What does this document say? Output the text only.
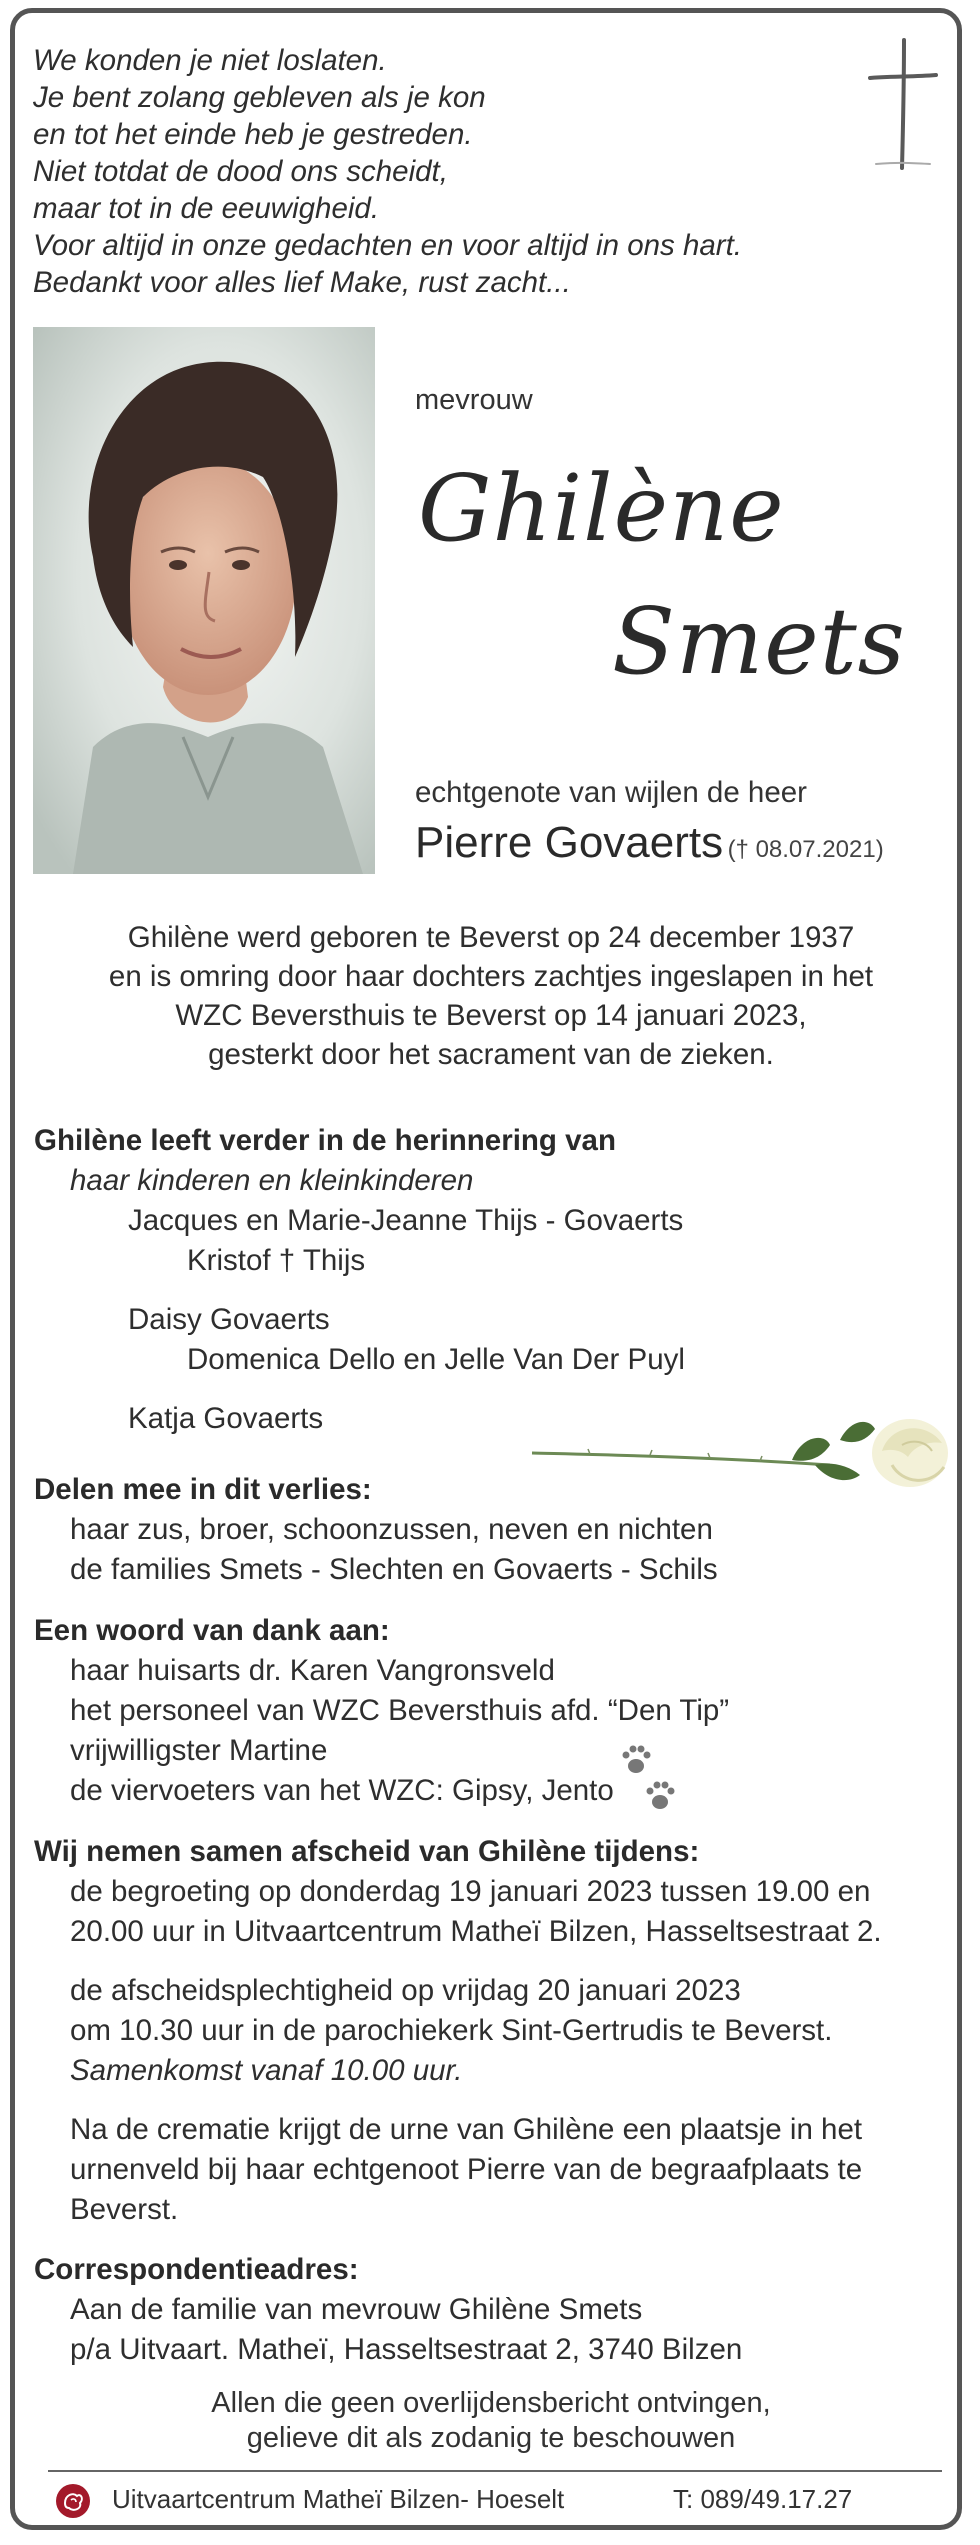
We konden je niet loslaten.
Je bent zolang gebleven als je kon
en tot het einde heb je gestreden.
Niet totdat de dood ons scheidt,
maar tot in de eeuwigheid.
Voor altijd in onze gedachten en voor altijd in ons hart.
Bedankt voor alles lief Make, rust zacht...
mevrouw
Ghilène
Smets
echtgenote van wijlen de heer
Pierre Govaerts († 08.07.2021)
Ghilène werd geboren te Beverst op 24 december 1937
en is omring door haar dochters zachtjes ingeslapen in het
WZC Beversthuis te Beverst op 14 januari 2023,
gesterkt door het sacrament van de zieken.
Ghilène leeft verder in de herinnering van
haar kinderen en kleinkinderen
Jacques en Marie-Jeanne Thijs - Govaerts
Kristof † Thijs
Daisy Govaerts
Domenica Dello en Jelle Van Der Puyl
Katja Govaerts
Delen mee in dit verlies:
haar zus, broer, schoonzussen, neven en nichten
de families Smets - Slechten en Govaerts - Schils
Een woord van dank aan:
haar huisarts dr. Karen Vangronsveld
het personeel van WZC Beversthuis afd. “Den Tip”
vrijwilligster Martine
de viervoeters van het WZC: Gipsy, Jento
Wij nemen samen afscheid van Ghilène tijdens:
de begroeting op donderdag 19 januari 2023 tussen 19.00 en
20.00 uur in Uitvaartcentrum Matheï Bilzen, Hasseltsestraat 2.
de afscheidsplechtigheid op vrijdag 20 januari 2023
om 10.30 uur in de parochiekerk Sint-Gertrudis te Beverst.
Samenkomst vanaf 10.00 uur.
Na de crematie krijgt de urne van Ghilène een plaatsje in het
urnenveld bij haar echtgenoot Pierre van de begraafplaats te
Beverst.
Correspondentieadres:
Aan de familie van mevrouw Ghilène Smets
p/a Uitvaart. Matheï, Hasseltsestraat 2, 3740 Bilzen
Allen die geen overlijdensbericht ontvingen,
gelieve dit als zodanig te beschouwen
Uitvaartcentrum Matheï Bilzen- Hoeselt	T: 089/49.17.27
